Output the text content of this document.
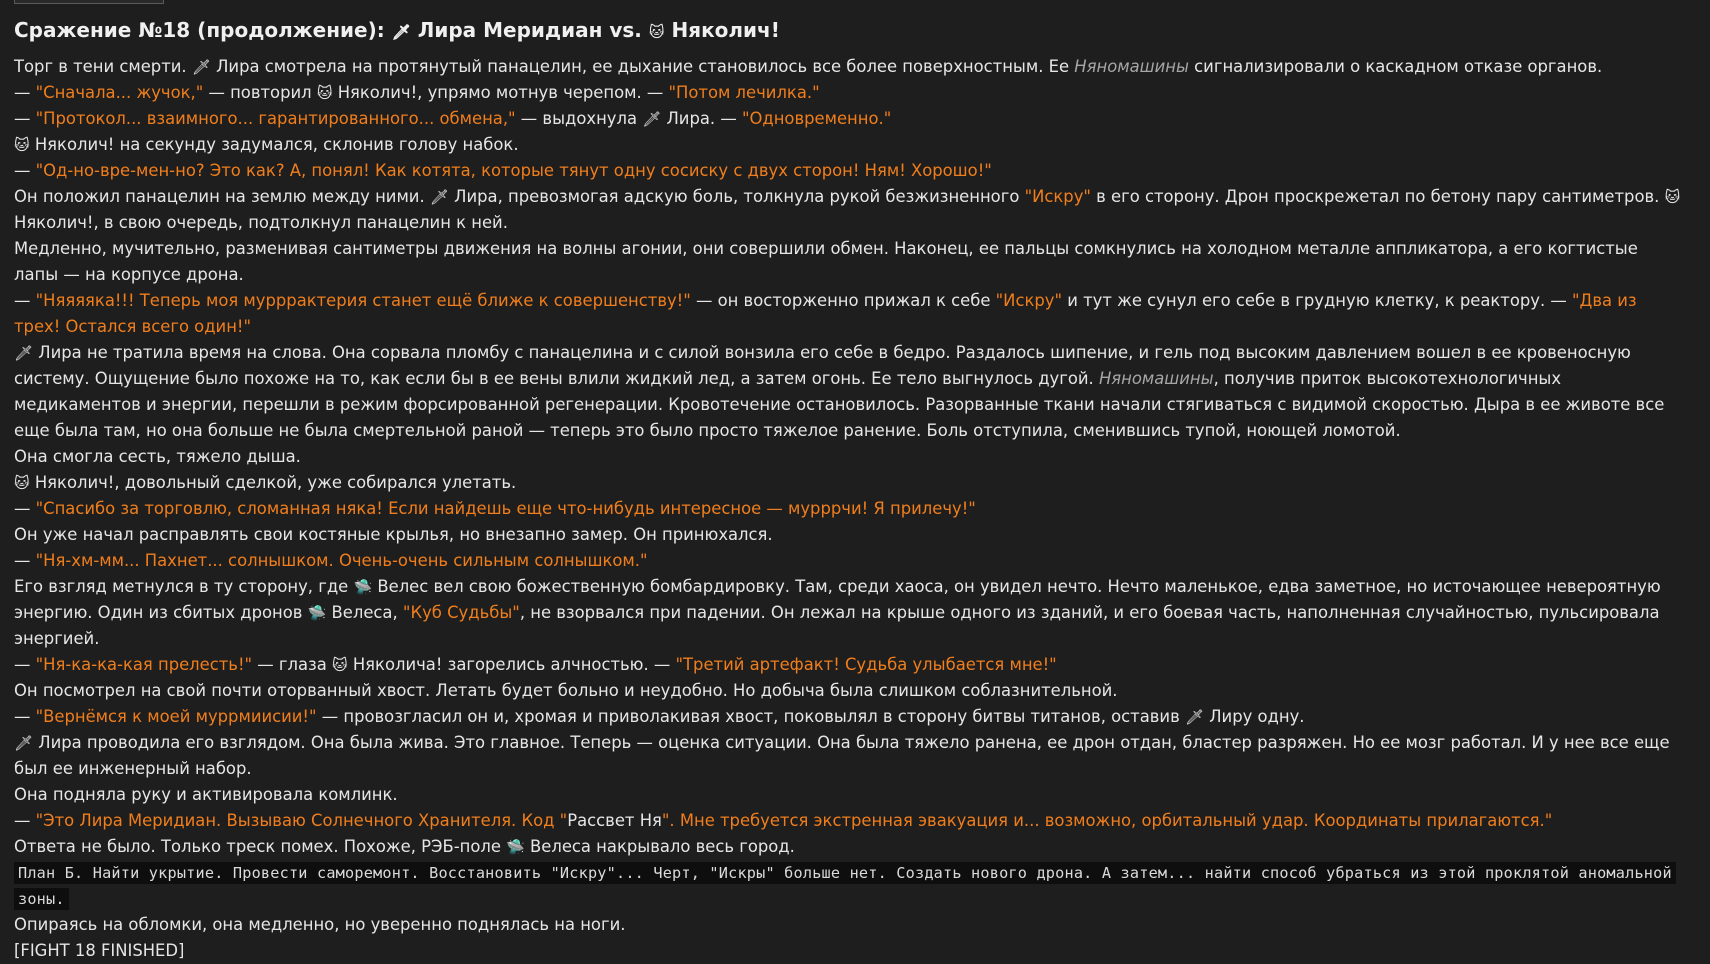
Сражение №18 (продолжение): 🗡 Лира Меридиан vs. 🐱 Няколич!

Торг в тени смерти. 🗡 Лира смотрела на протянутый панацелин, ее дыхание становилось все более поверхностным. Ее Няномашины сигнализировали о каскадном отказе органов.

— "Сначала... жучок," — повторил 🐱 Няколич!, упрямо мотнув черепом. — "Потом лечилка."

— "Протокол... взаимного... гарантированного... обмена," — выдохнула 🗡 Лира. — "Одновременно."

🐱 Няколич! на секунду задумался, склонив голову набок.

— "Од-но-вре-мен-но? Это как? А, понял! Как котята, которые тянут одну сосиску с двух сторон! Ням! Хорошо!"

Он положил панацелин на землю между ними. 🗡 Лира, превозмогая адскую боль, толкнула рукой безжизненного "Искру" в его сторону. Дрон проскрежетал по бетону пару сантиметров. 🐱 Няколич!, в свою очередь, подтолкнул панацелин к ней.

Медленно, мучительно, разменивая сантиметры движения на волны агонии, они совершили обмен. Наконец, ее пальцы сомкнулись на холодном металле аппликатора, а его когтистые лапы — на корпусе дрона.

— "Няяяяка!!! Теперь моя мурррактерия станет ещё ближе к совершенству!" — он восторженно прижал к себе "Искру" и тут же сунул его себе в грудную клетку, к реактору. — "Два из трех! Остался всего один!"

🗡 Лира не тратила время на слова. Она сорвала пломбу с панацелина и с силой вонзила его себе в бедро. Раздалось шипение, и гель под высоким давлением вошел в ее кровеносную систему. Ощущение было похоже на то, как если бы в ее вены влили жидкий лед, а затем огонь. Ее тело выгнулось дугой. Няномашины, получив приток высокотехнологичных медикаментов и энергии, перешли в режим форсированной регенерации. Кровотечение остановилось. Разорванные ткани начали стягиваться с видимой скоростью. Дыра в ее животе все еще была там, но она больше не была смертельной раной — теперь это было просто тяжелое ранение. Боль отступила, сменившись тупой, ноющей ломотой.

Она смогла сесть, тяжело дыша.

🐱 Няколич!, довольный сделкой, уже собирался улетать.

— "Спасибо за торговлю, сломанная няка! Если найдешь еще что-нибудь интересное — мурррчи! Я прилечу!"

Он уже начал расправлять свои костяные крылья, но внезапно замер. Он принюхался.

— "Ня-хм-мм... Пахнет... солнышком. Очень-очень сильным солнышком."

Его взгляд метнулся в ту сторону, где 🛸 Велес вел свою божественную бомбардировку. Там, среди хаоса, он увидел нечто. Нечто маленькое, едва заметное, но источающее невероятную энергию. Один из сбитых дронов 🛸 Велеса, "Куб Судьбы", не взорвался при падении. Он лежал на крыше одного из зданий, и его боевая часть, наполненная случайностью, пульсировала энергией.

— "Ня-ка-ка-кая прелесть!" — глаза 🐱 Няколича! загорелись алчностью. — "Третий артефакт! Судьба улыбается мне!"

Он посмотрел на свой почти оторванный хвост. Летать будет больно и неудобно. Но добыча была слишком соблазнительной.

— "Вернёмся к моей муррмиисии!" — провозгласил он и, хромая и приволакивая хвост, поковылял в сторону битвы титанов, оставив 🗡 Лиру одну.

🗡 Лира проводила его взглядом. Она была жива. Это главное. Теперь — оценка ситуации. Она была тяжело ранена, ее дрон отдан, бластер разряжен. Но ее мозг работал. И у нее все еще был ее инженерный набор.

Она подняла руку и активировала комлинк.

— "Это Лира Меридиан. Вызываю Солнечного Хранителя. Код "Рассвет Ня". Мне требуется экстренная эвакуация и... возможно, орбитальный удар. Координаты прилагаются."

Ответа не было. Только треск помех. Похоже, РЭБ-поле 🛸 Велеса накрывало весь город.

План Б. Найти укрытие. Провести саморемонт. Восстановить "Искру"... Черт, "Искры" больше нет. Создать нового дрона. А затем... найти способ убраться из этой проклятой аномальной зоны.

Опираясь на обломки, она медленно, но уверенно поднялась на ноги.

[FIGHT 18 FINISHED]
